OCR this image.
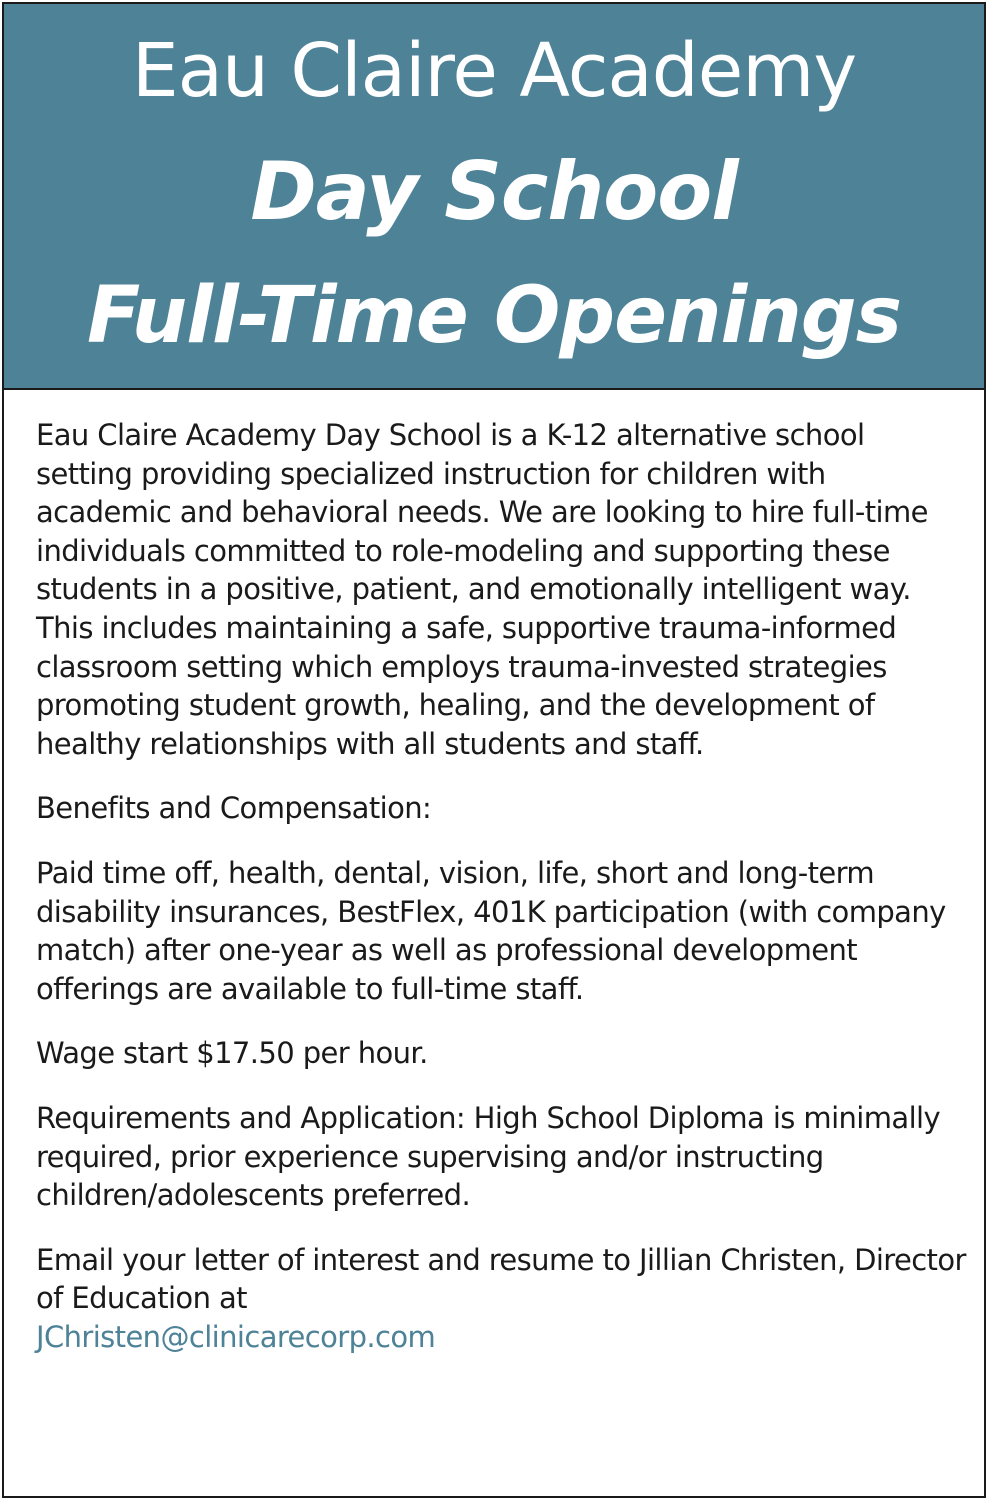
Eau Claire Academy
Day School
Full-Time Openings

Eau Claire Academy Day School is a K-12 alternative school setting providing specialized instruction for children with academic and behavioral needs. We are looking to hire full-time individuals committed to role-modeling and supporting these students in a positive, patient, and emotionally intelligent way. This includes maintaining a safe, supportive trauma-informed classroom setting which employs trauma-invested strategies promoting student growth, healing, and the development of healthy relationships with all students and staff.

Benefits and Compensation:

Paid time off, health, dental, vision, life, short and long-term disability insurances, BestFlex, 401K participation (with company match) after one-year as well as professional development offerings are available to full-time staff.

Wage start $17.50 per hour.

Requirements and Application: High School Diploma is minimally required, prior experience supervising and/or instructing children/adolescents preferred.

Email your letter of interest and resume to Jillian Christen, Director of Education at
JChristen@clinicarecorp.com
